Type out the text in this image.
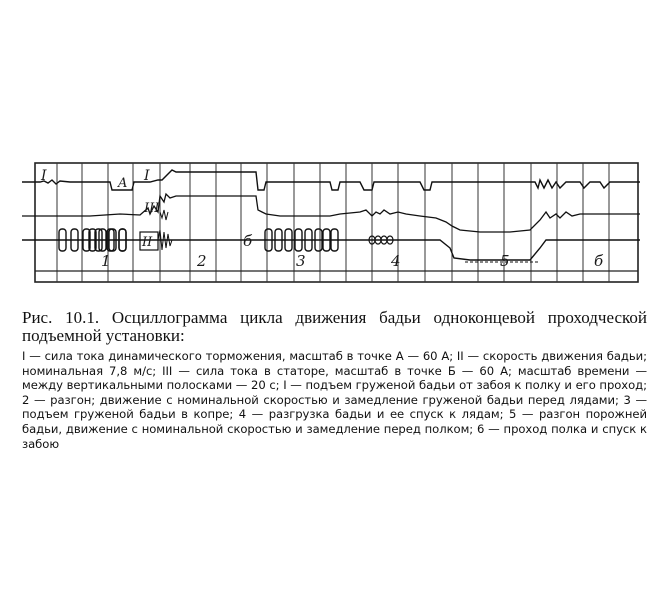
I	A I
III
II
1	2
б
3	4	5	б

Рис. 10.1. Осциллограмма цикла движения бадьи одноконцевой проходческой подъемной установки:

I — сила тока динамического торможения, масштаб в точке A — 60 A; II — скорость движения бадьи; номинальная 7,8 м/с; III — сила тока в статоре, масштаб в точке Б — 60 A; масштаб времени — между вертикальными полосками — 20 с; I — подъем груженой бадьи от забоя к полку и его проход; 2 — разгон; движение с номинальной скоростью и замедление груженой бадьи перед лядами; 3 — подъем груженой бадьи в копре; 4 — разгрузка бадьи и ее спуск к лядам; 5 — разгон порожней бадьи, движение с номинальной скоростью и замедление перед полком; 6 — проход полка и спуск к забою
